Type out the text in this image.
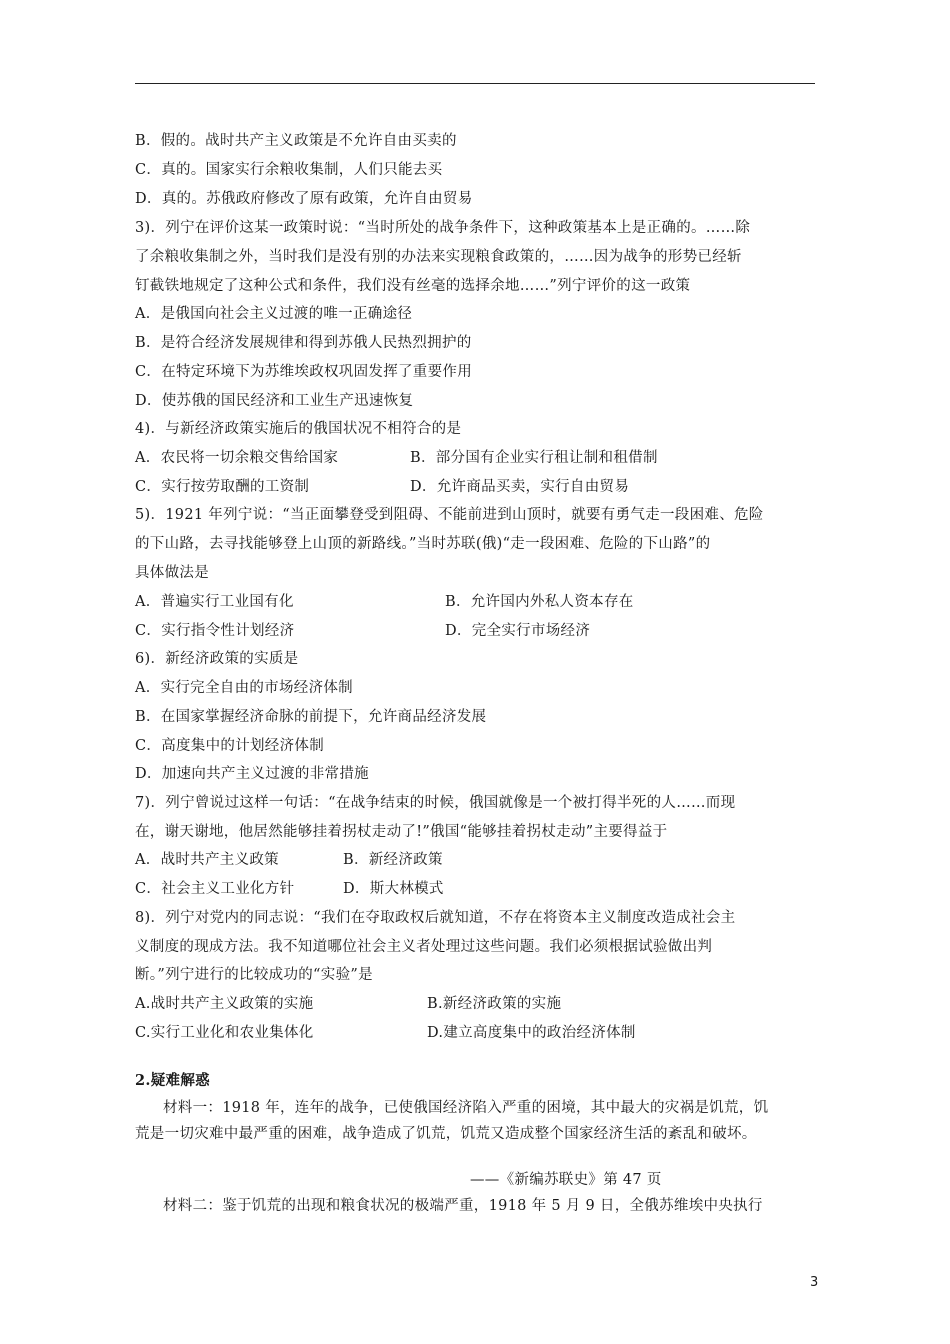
B．假的。战时共产主义政策是不允许自由买卖的
C．真的。国家实行余粮收集制，人们只能去买
D．真的。苏俄政府修改了原有政策，允许自由贸易
3)．列宁在评价这某一政策时说：“当时所处的战争条件下，这种政策基本上是正确的。……除
了余粮收集制之外，当时我们是没有别的办法来实现粮食政策的，……因为战争的形势已经斩
钉截铁地规定了这种公式和条件，我们没有丝毫的选择余地……”列宁评价的这一政策
A．是俄国向社会主义过渡的唯一正确途径
B．是符合经济发展规律和得到苏俄人民热烈拥护的
C．在特定环境下为苏维埃政权巩固发挥了重要作用
D．使苏俄的国民经济和工业生产迅速恢复
4)．与新经济政策实施后的俄国状况不相符合的是
A．农民将一切余粮交售给国家	B．部分国有企业实行租让制和租借制
C．实行按劳取酬的工资制	D．允许商品买卖，实行自由贸易
5)．1921 年列宁说：“当正面攀登受到阻碍、不能前进到山顶时，就要有勇气走一段困难、危险
的下山路，去寻找能够登上山顶的新路线。”当时苏联(俄)“走一段困难、危险的下山路”的
具体做法是
A．普遍实行工业国有化	B．允许国内外私人资本存在
C．实行指令性计划经济	D．完全实行市场经济
6)．新经济政策的实质是
A．实行完全自由的市场经济体制
B．在国家掌握经济命脉的前提下，允许商品经济发展
C．高度集中的计划经济体制
D．加速向共产主义过渡的非常措施
7)．列宁曾说过这样一句话：“在战争结束的时候，俄国就像是一个被打得半死的人……而现
在，谢天谢地，他居然能够挂着拐杖走动了!”俄国“能够挂着拐杖走动”主要得益于
A．战时共产主义政策	B．新经济政策
C．社会主义工业化方针	D．斯大林模式
8)．列宁对党内的同志说：“我们在夺取政权后就知道，不存在将资本主义制度改造成社会主
义制度的现成方法。我不知道哪位社会主义者处理过这些问题。我们必须根据试验做出判
断。”列宁进行的比较成功的“实验”是
A.战时共产主义政策的实施	B.新经济政策的实施
C.实行工业化和农业集体化	D.建立高度集中的政治经济体制
2.疑难解惑
材料一：1918 年，连年的战争，已使俄国经济陷入严重的困境，其中最大的灾祸是饥荒，饥
荒是一切灾难中最严重的困难，战争造成了饥荒，饥荒又造成整个国家经济生活的紊乱和破坏。
——《新编苏联史》第 47 页
材料二：鉴于饥荒的出现和粮食状况的极端严重，1918 年 5 月 9 日，全俄苏维埃中央执行
3
